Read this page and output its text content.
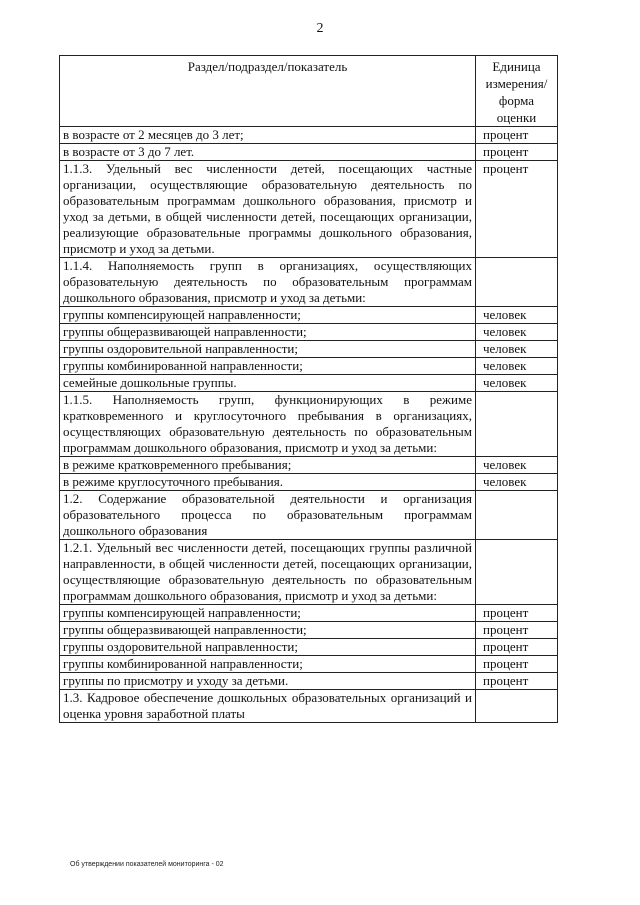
2
Раздел/подраздел/показатель	Единица измерения/ форма оценки
в возрасте от 2 месяцев до 3 лет;	процент
в возрасте от 3 до 7 лет.	процент
1.1.3. Удельный вес численности детей, посещающих частные организации, осуществляющие образовательную деятельность по образовательным программам дошкольного образования, присмотр и уход за детьми, в общей численности детей, посещающих организации, реализующие образовательные программы дошкольного образования, присмотр и уход за детьми.	процент
1.1.4. Наполняемость групп в организациях, осуществляющих образовательную деятельность по образовательным программам дошкольного образования, присмотр и уход за детьми:	
группы компенсирующей направленности;	человек
группы общеразвивающей направленности;	человек
группы оздоровительной направленности;	человек
группы комбинированной направленности;	человек
семейные дошкольные группы.	человек
1.1.5. Наполняемость групп, функционирующих в режиме кратковременного и круглосуточного пребывания в организациях, осуществляющих образовательную деятельность по образовательным программам дошкольного образования, присмотр и уход за детьми:	
в режиме кратковременного пребывания;	человек
в режиме круглосуточного пребывания.	человек
1.2. Содержание образовательной деятельности и организация образовательного процесса по образовательным программам дошкольного образования	
1.2.1. Удельный вес численности детей, посещающих группы различной направленности, в общей численности детей, посещающих организации, осуществляющие образовательную деятельность по образовательным программам дошкольного образования, присмотр и уход за детьми:	
группы компенсирующей направленности;	процент
группы общеразвивающей направленности;	процент
группы оздоровительной направленности;	процент
группы комбинированной направленности;	процент
группы по присмотру и уходу за детьми.	процент
1.3. Кадровое обеспечение дошкольных образовательных организаций и оценка уровня заработной платы	
Об утверждении показателей мониторинга - 02
